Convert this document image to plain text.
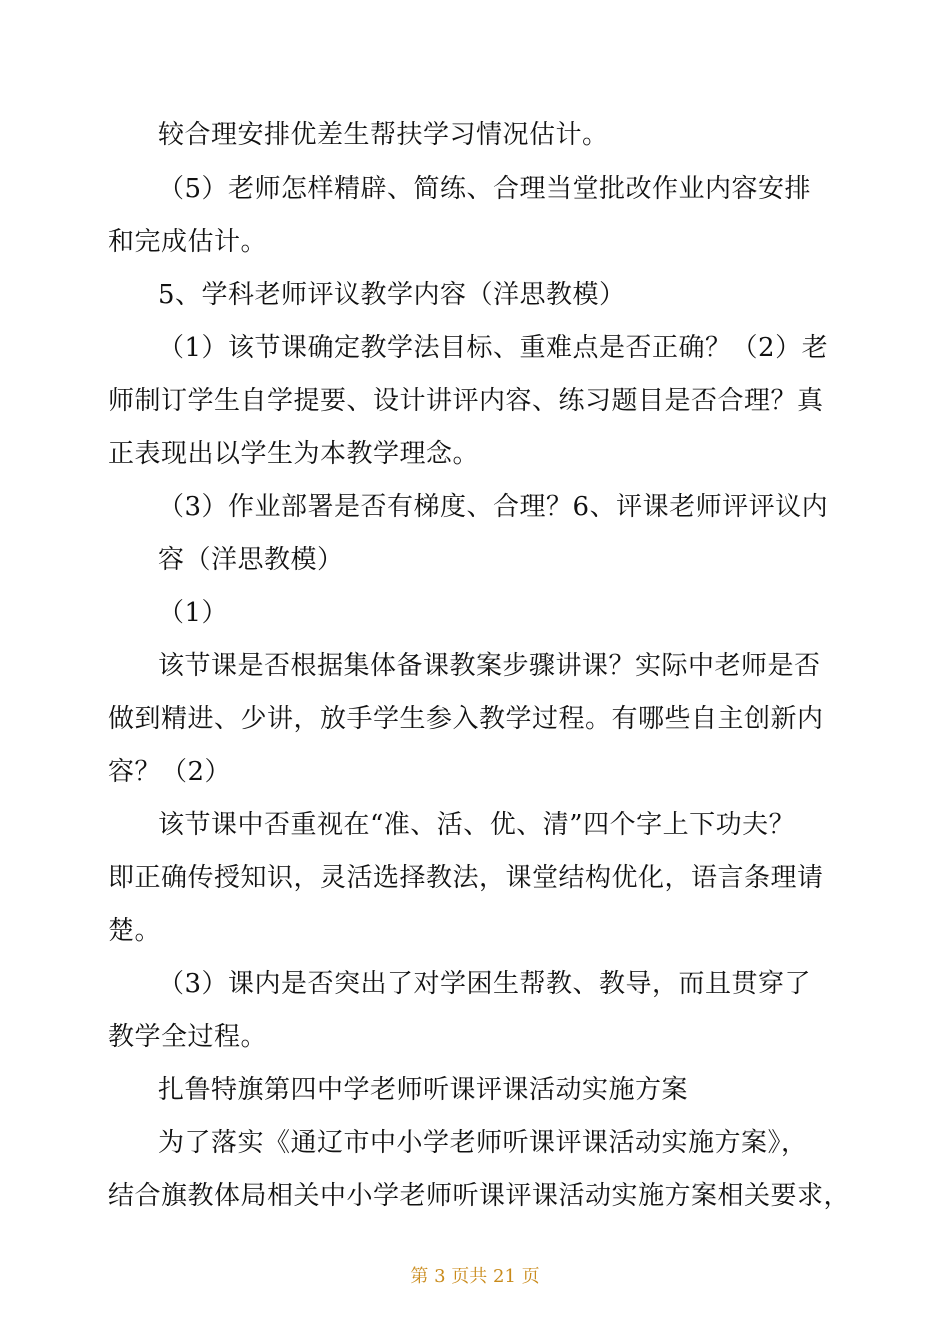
较合理安排优差生帮扶学习情况估计。
（5）老师怎样精辟、简练、合理当堂批改作业内容安排
和完成估计。
5、学科老师评议教学内容（洋思教模）
（1）该节课确定教学法目标、重难点是否正确？（2）老
师制订学生自学提要、设计讲评内容、练习题目是否合理？真
正表现出以学生为本教学理念。
（3）作业部署是否有梯度、合理？6、评课老师评评议内
容（洋思教模）
（1）
该节课是否根据集体备课教案步骤讲课？实际中老师是否
做到精进、少讲，放手学生参入教学过程。有哪些自主创新内
容？（2）
该节课中否重视在“准、活、优、清”四个字上下功夫？
即正确传授知识，灵活选择教法，课堂结构优化，语言条理请
楚。
（3）课内是否突出了对学困生帮教、教导，而且贯穿了
教学全过程。
扎鲁特旗第四中学老师听课评课活动实施方案
为了落实《通辽市中小学老师听课评课活动实施方案》，
结合旗教体局相关中小学老师听课评课活动实施方案相关要求，
第 3 页共 21 页
